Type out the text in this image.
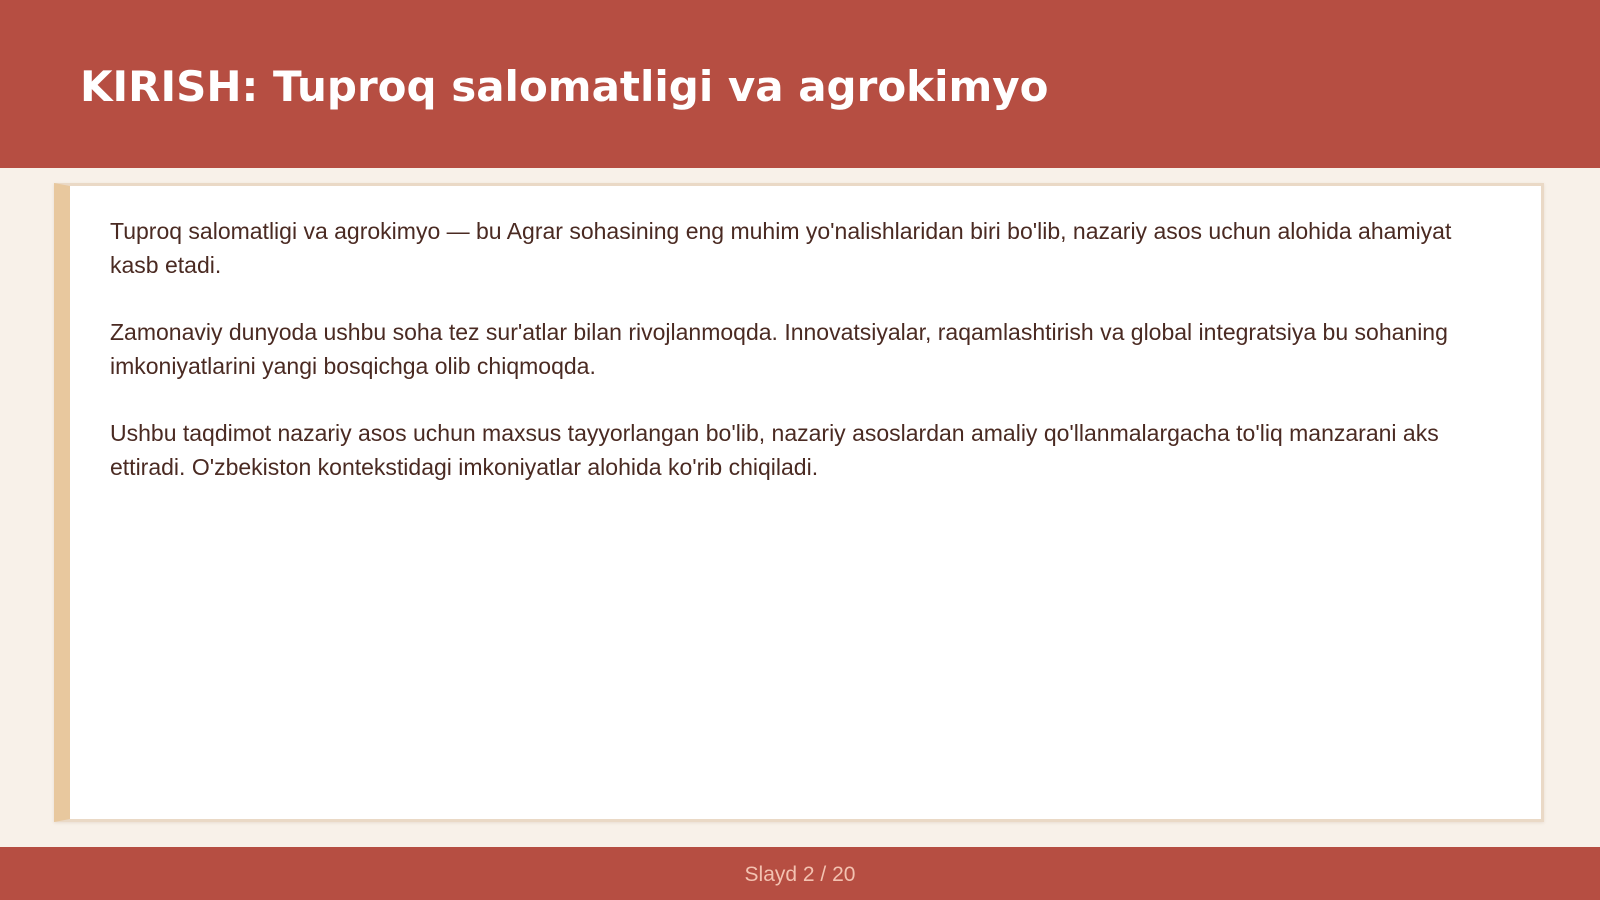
KIRISH: Tuproq salomatligi va agrokimyo

Tuproq salomatligi va agrokimyo — bu Agrar sohasining eng muhim yo'nalishlaridan biri bo'lib, nazariy asos uchun alohida ahamiyat kasb etadi.

Zamonaviy dunyoda ushbu soha tez sur'atlar bilan rivojlanmoqda. Innovatsiyalar, raqamlashtirish va global integratsiya bu sohaning imkoniyatlarini yangi bosqichga olib chiqmoqda.

Ushbu taqdimot nazariy asos uchun maxsus tayyorlangan bo'lib, nazariy asoslardan amaliy qo'llanmalargacha to'liq manzarani aks ettiradi. O'zbekiston kontekstidagi imkoniyatlar alohida ko'rib chiqiladi.

Slayd 2 / 20
